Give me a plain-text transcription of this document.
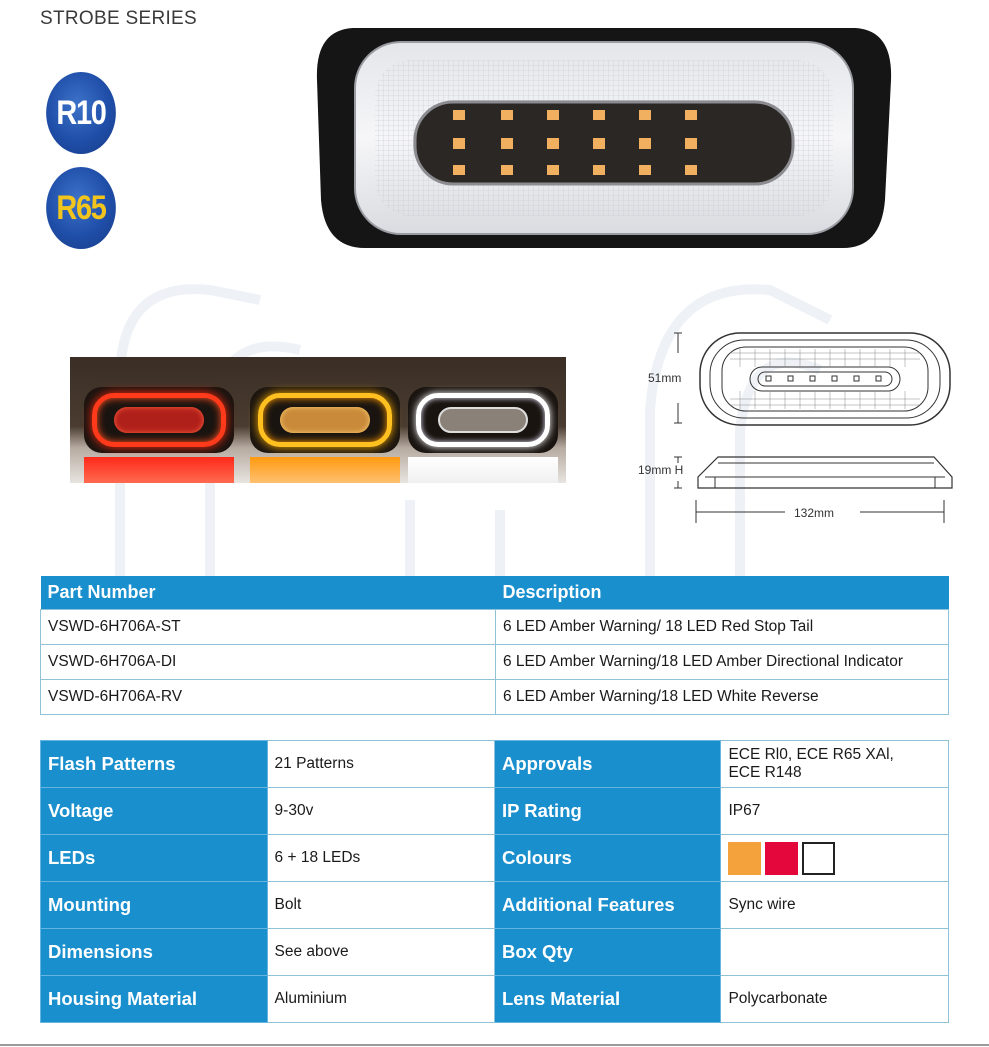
STROBE SERIES
R10
R65
51mm
19mm H
132mm
Part Number	Description
VSWD-6H706A-ST	6 LED Amber Warning/ 18 LED Red Stop Tail
VSWD-6H706A-DI	6 LED Amber Warning/18 LED Amber Directional Indicator
VSWD-6H706A-RV	6 LED Amber Warning/18 LED White Reverse
Flash Patterns	21 Patterns	Approvals	ECE Rl0, ECE R65 XAl,
ECE R148

Voltage	9-30v	IP Rating	IP67
LEDs	6 + 18 LEDs	Colours	

Mounting	Bolt	Additional Features	Sync wire
Dimensions	See above	Box Qty	
Housing Material	Aluminium	Lens Material	Polycarbonate
